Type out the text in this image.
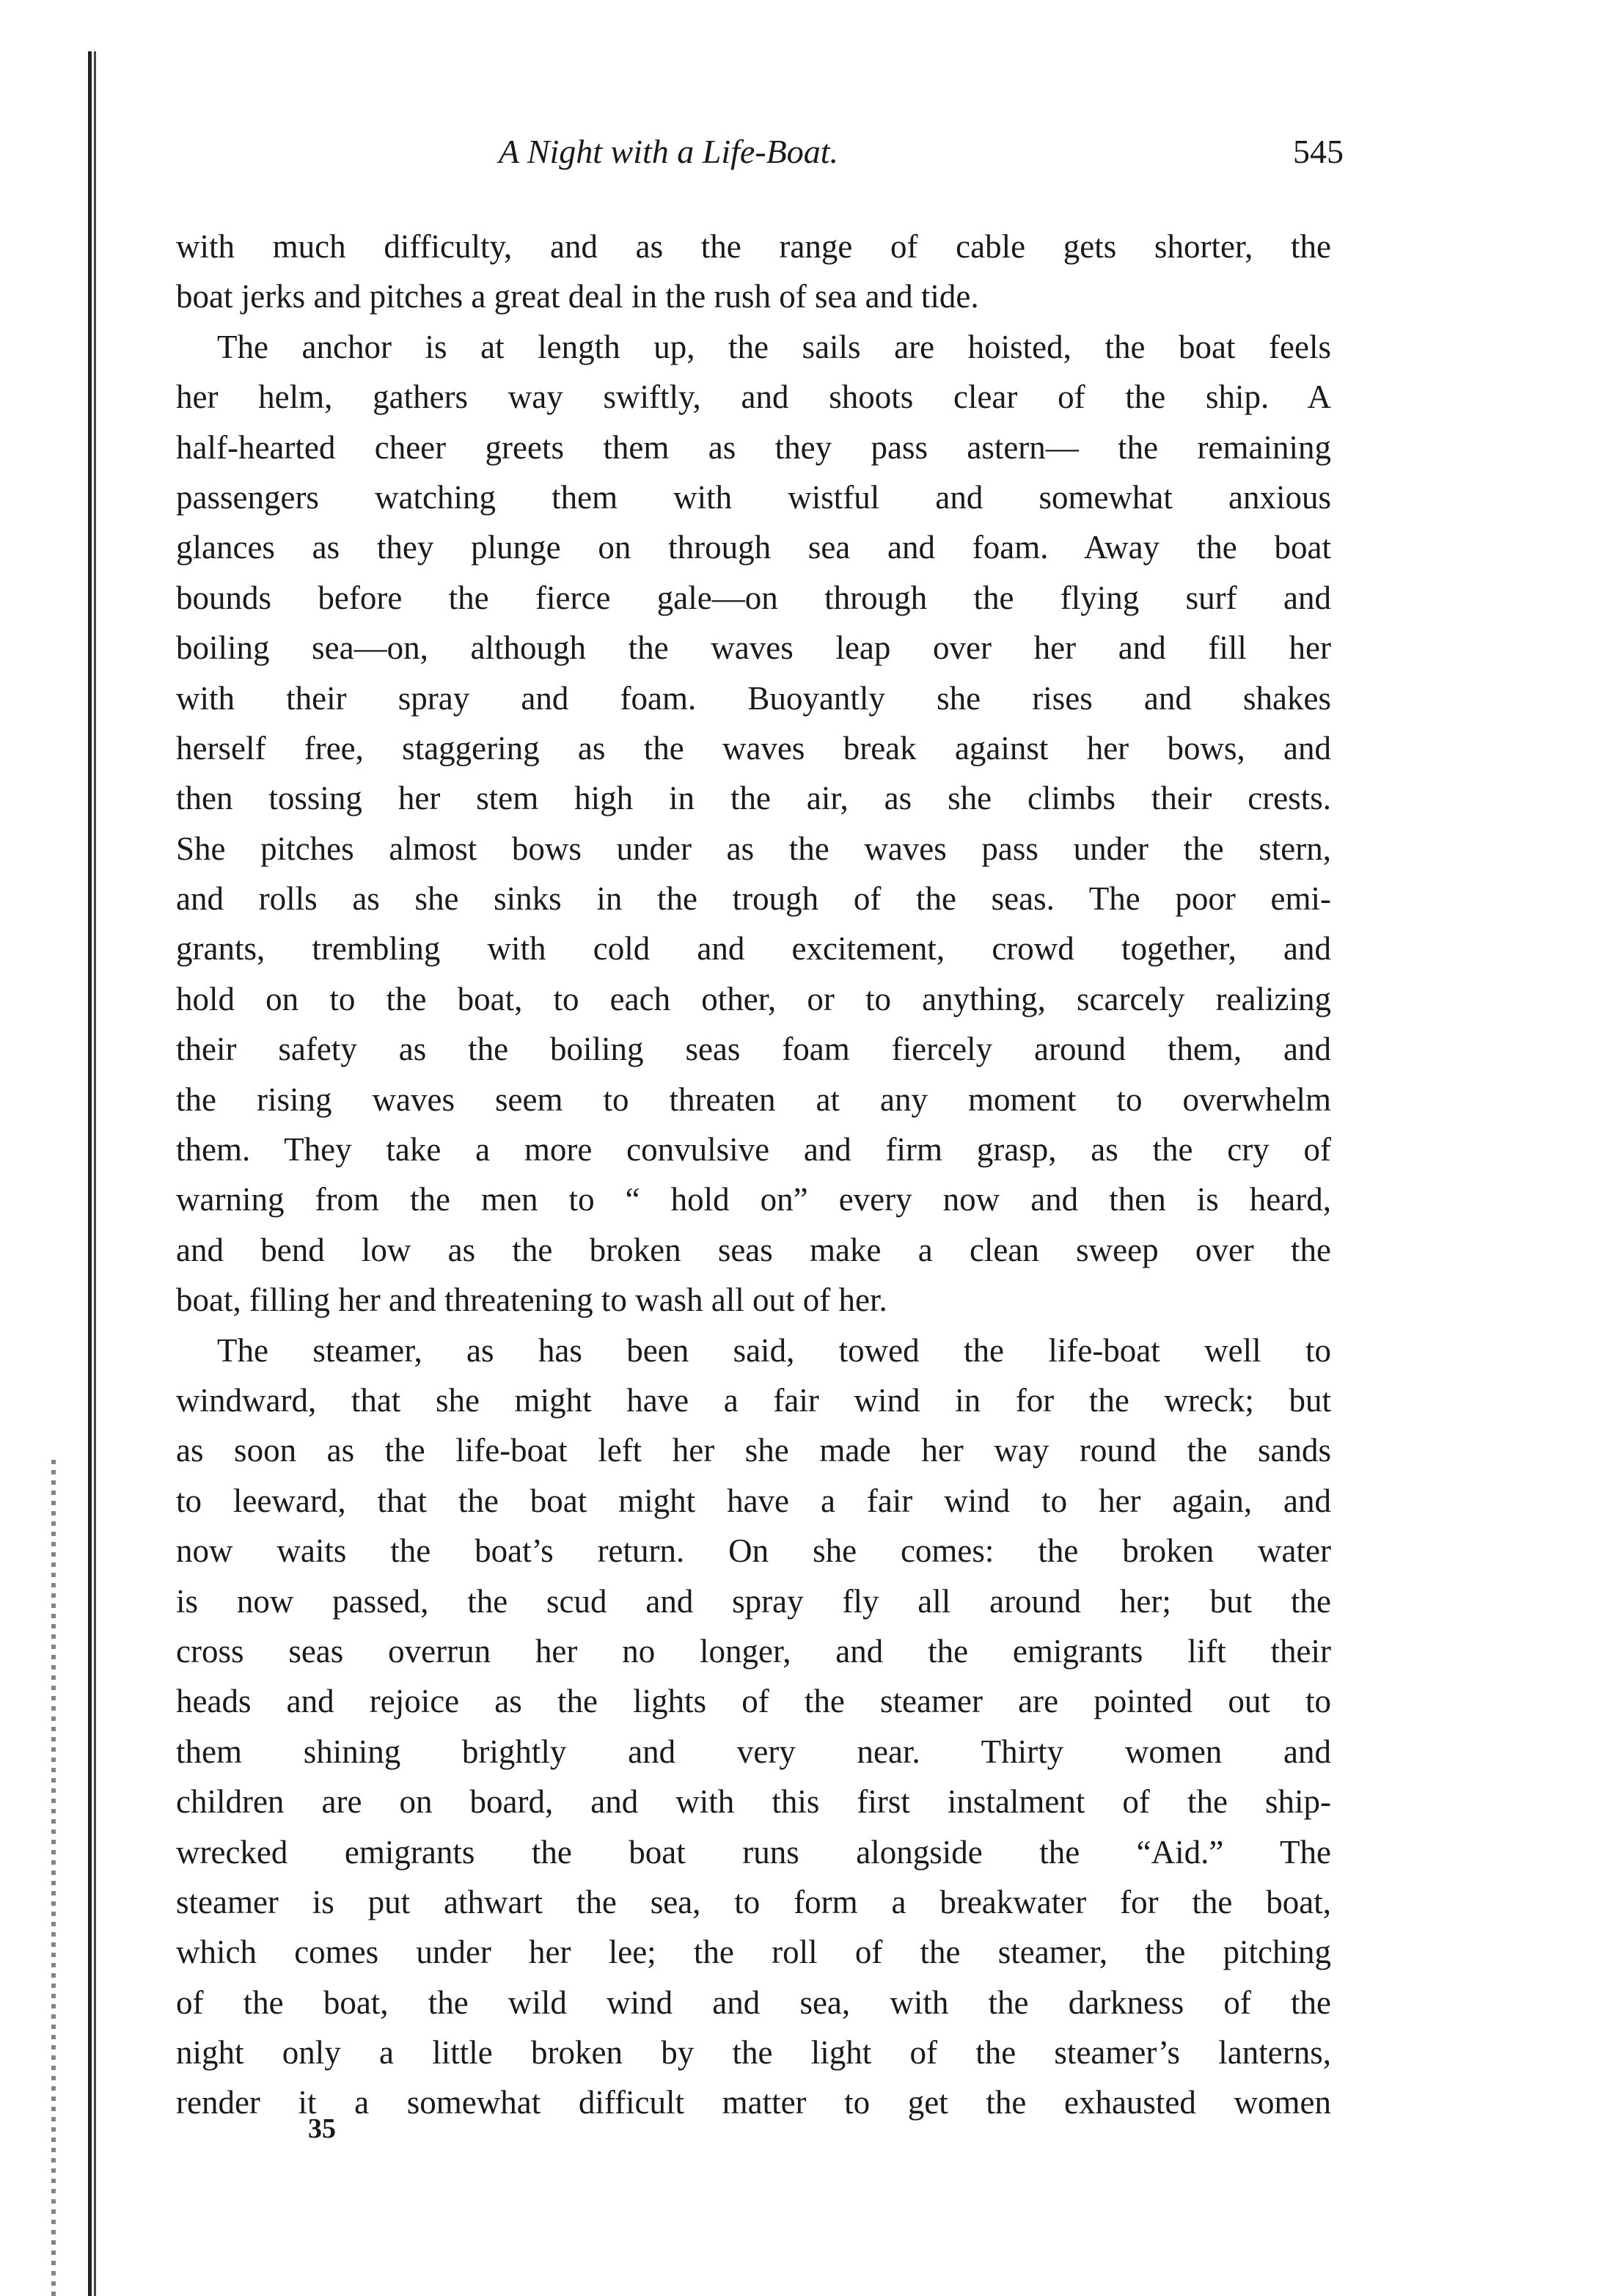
A Night with a Life-Boat.	545
with much difficulty, and as the range of cable gets shorter, the
boat jerks and pitches a great deal in the rush of sea and tide.
The anchor is at length up, the sails are hoisted, the boat feels
her helm, gathers way swiftly, and shoots clear of the ship. A
half-hearted cheer greets them as they pass astern— the remaining
passengers watching them with wistful and somewhat anxious
glances as they plunge on through sea and foam. Away the boat
bounds before the fierce gale—on through the flying surf and
boiling sea—on, although the waves leap over her and fill her
with their spray and foam. Buoyantly she rises and shakes
herself free, staggering as the waves break against her bows, and
then tossing her stem high in the air, as she climbs their crests.
She pitches almost bows under as the waves pass under the stern,
and rolls as she sinks in the trough of the seas. The poor emi-
grants, trembling with cold and excitement, crowd together, and
hold on to the boat, to each other, or to anything, scarcely realizing
their safety as the boiling seas foam fiercely around them, and
the rising waves seem to threaten at any moment to overwhelm
them. They take a more convulsive and firm grasp, as the cry of
warning from the men to “ hold on” every now and then is heard,
and bend low as the broken seas make a clean sweep over the
boat, filling her and threatening to wash all out of her.
The steamer, as has been said, towed the life-boat well to
windward, that she might have a fair wind in for the wreck; but
as soon as the life-boat left her she made her way round the sands
to leeward, that the boat might have a fair wind to her again, and
now waits the boat’s return. On she comes: the broken water
is now passed, the scud and spray fly all around her; but the
cross seas overrun her no longer, and the emigrants lift their
heads and rejoice as the lights of the steamer are pointed out to
them shining brightly and very near. Thirty women and
children are on board, and with this first instalment of the ship-
wrecked emigrants the boat runs alongside the “Aid.” The
steamer is put athwart the sea, to form a breakwater for the boat,
which comes under her lee; the roll of the steamer, the pitching
of the boat, the wild wind and sea, with the darkness of the
night only a little broken by the light of the steamer’s lanterns,
render it a somewhat difficult matter to get the exhausted women
35
